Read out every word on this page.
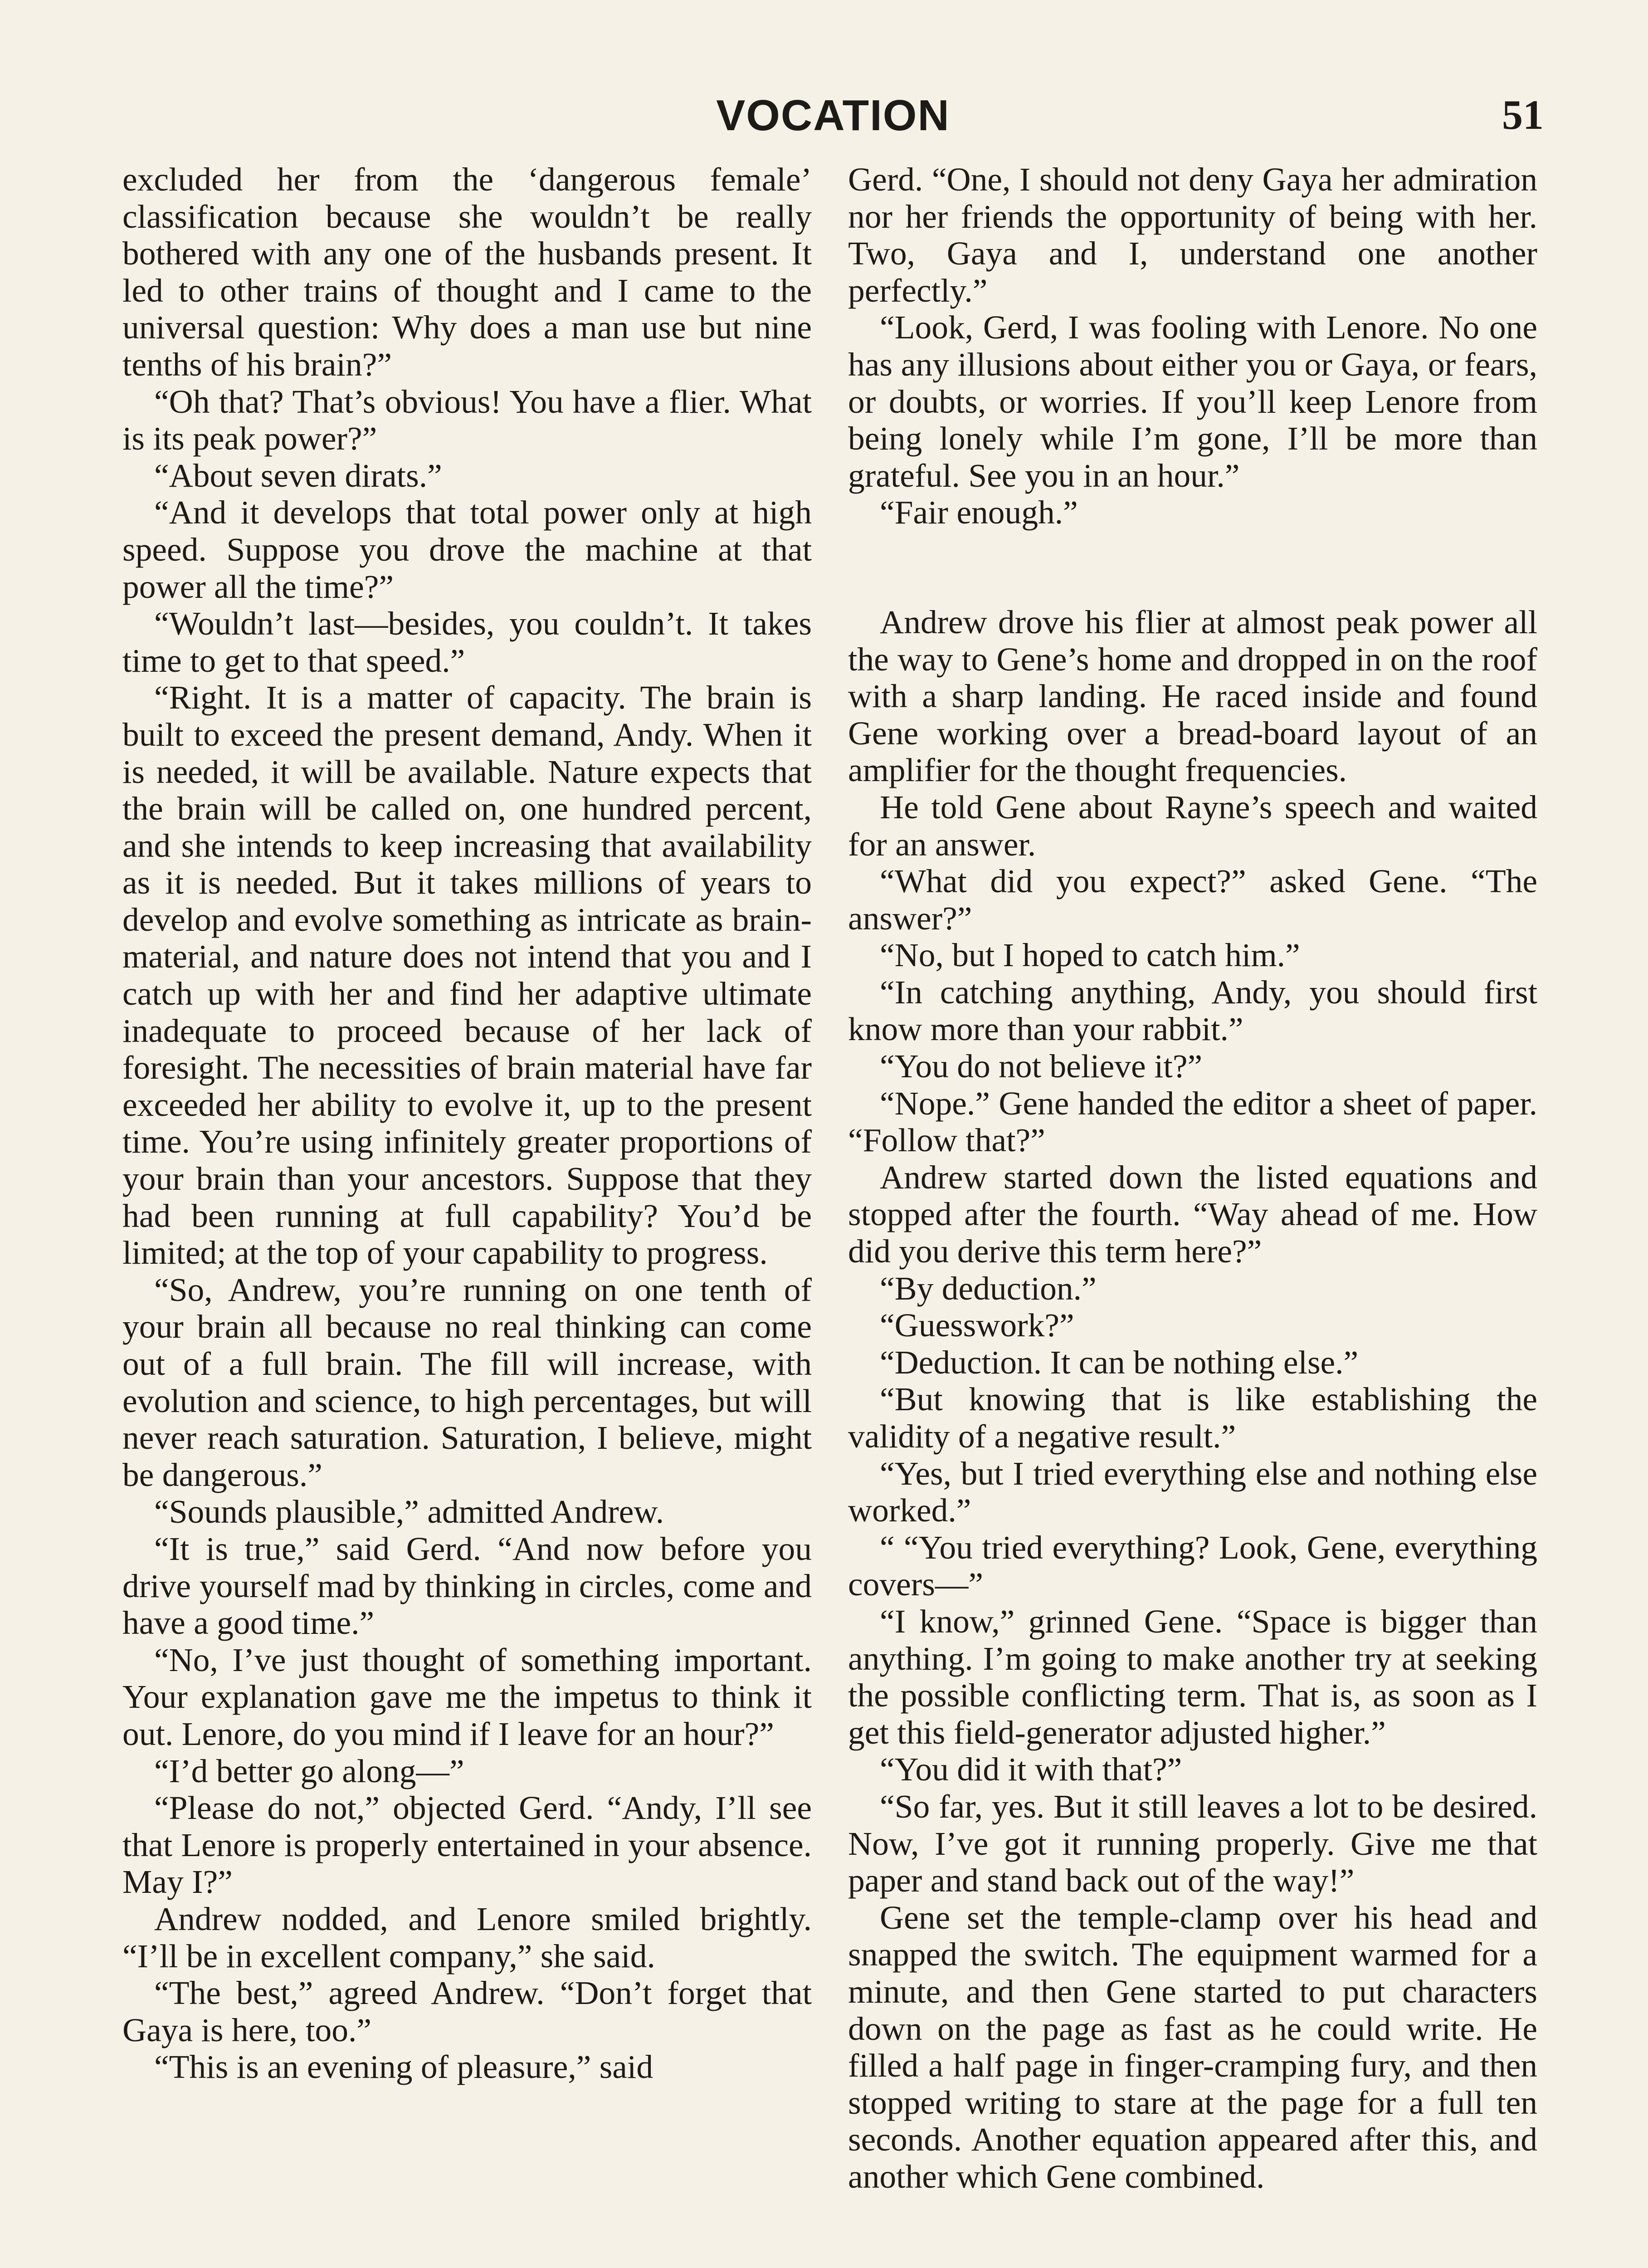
VOCATION	51

excluded her from the ‘dangerous female’ classification because she wouldn’t be really bothered with any one of the husbands present. It led to other trains of thought and I came to the universal question: Why does a man use but nine tenths of his brain?”

“Oh that? That’s obvious! You have a flier. What is its peak power?”

“About seven dirats.”

“And it develops that total power only at high speed. Suppose you drove the machine at that power all the time?”

“Wouldn’t last—besides, you couldn’t. It takes time to get to that speed.”

“Right. It is a matter of capacity. The brain is built to exceed the present demand, Andy. When it is needed, it will be available. Nature expects that the brain will be called on, one hundred percent, and she intends to keep increasing that availability as it is needed. But it takes millions of years to develop and evolve something as intricate as brain-material, and nature does not intend that you and I catch up with her and find her adaptive ultimate inadequate to proceed because of her lack of foresight. The necessities of brain material have far exceeded her ability to evolve it, up to the present time. You’re using infinitely greater proportions of your brain than your ancestors. Suppose that they had been running at full capability? You’d be limited; at the top of your capability to progress.

“So, Andrew, you’re running on one tenth of your brain all because no real thinking can come out of a full brain. The fill will increase, with evolution and science, to high percentages, but will never reach saturation. Saturation, I believe, might be dangerous.”

“Sounds plausible,” admitted Andrew.

“It is true,” said Gerd. “And now before you drive yourself mad by thinking in circles, come and have a good time.”

“No, I’ve just thought of something important. Your explanation gave me the impetus to think it out. Lenore, do you mind if I leave for an hour?”

“I’d better go along—”

“Please do not,” objected Gerd. “Andy, I’ll see that Lenore is properly entertained in your absence. May I?”

Andrew nodded, and Lenore smiled brightly. “I’ll be in excellent company,” she said.

“The best,” agreed Andrew. “Don’t forget that Gaya is here, too.”

“This is an evening of pleasure,” said

Gerd. “One, I should not deny Gaya her admiration nor her friends the opportunity of being with her. Two, Gaya and I, understand one another perfectly.”

“Look, Gerd, I was fooling with Lenore. No one has any illusions about either you or Gaya, or fears, or doubts, or worries. If you’ll keep Lenore from being lonely while I’m gone, I’ll be more than grateful. See you in an hour.”

“Fair enough.”

Andrew drove his flier at almost peak power all the way to Gene’s home and dropped in on the roof with a sharp landing. He raced inside and found Gene working over a bread-board layout of an amplifier for the thought frequencies.

He told Gene about Rayne’s speech and waited for an answer.

“What did you expect?” asked Gene. “The answer?”

“No, but I hoped to catch him.”

“In catching anything, Andy, you should first know more than your rabbit.”

“You do not believe it?”

“Nope.” Gene handed the editor a sheet of paper. “Follow that?”

Andrew started down the listed equations and stopped after the fourth. “Way ahead of me. How did you derive this term here?”

“By deduction.”

“Guesswork?”

“Deduction. It can be nothing else.”

“But knowing that is like establishing the validity of a negative result.”

“Yes, but I tried everything else and nothing else worked.”

“ “You tried everything? Look, Gene, everything covers—”

“I know,” grinned Gene. “Space is bigger than anything. I’m going to make another try at seeking the possible conflicting term. That is, as soon as I get this field-generator adjusted higher.”

“You did it with that?”

“So far, yes. But it still leaves a lot to be desired. Now, I’ve got it running properly. Give me that paper and stand back out of the way!”

Gene set the temple-clamp over his head and snapped the switch. The equipment warmed for a minute, and then Gene started to put characters down on the page as fast as he could write. He filled a half page in finger-cramping fury, and then stopped writing to stare at the page for a full ten seconds. Another equation appeared after this, and another which Gene combined.
